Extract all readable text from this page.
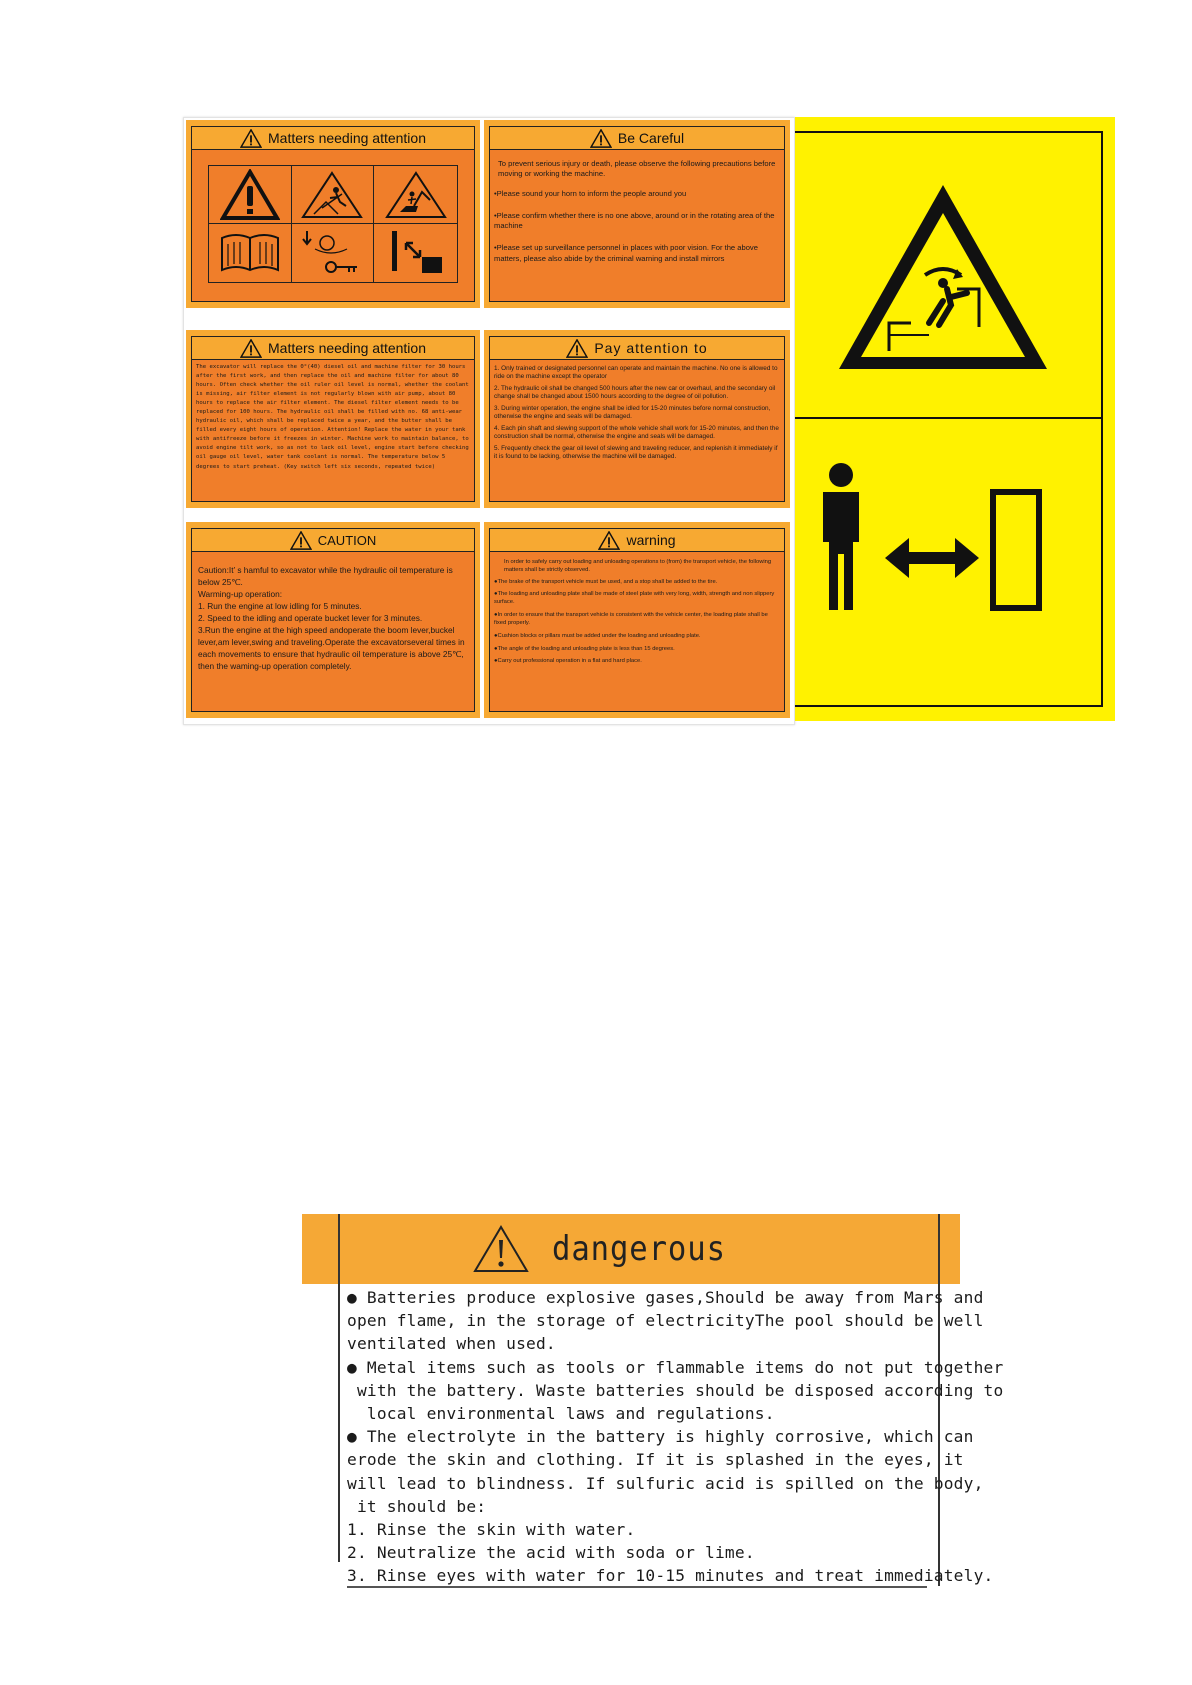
Matters needing attention	Be Careful

To prevent serious injury or death, please observe the following precautions before moving or working the machine.

•Please sound your horn to inform the people around you

•Please confirm whether there is no one above, around or in the rotating area of the machine

•Please set up surveillance personnel in places with poor vision. For the above matters, please also abide by the criminal warning and install mirrors

Matters needing attention
The excavator will replace the 0°(40) diesel oil and machine filter for 30 hours after the first work, and then replace the oil and machine filter for about 80 hours. Often check whether the oil ruler oil level is normal, whether the coolant is missing, air filter element is not regularly blown with air pump, about 80 hours to replace the air filter element. The diesel filter element needs to be replaced for 100 hours. The hydraulic oil shall be filled with no. 68 anti-wear hydraulic oil, which shall be replaced twice a year, and the butter shall be filled every eight hours of operation. Attention! Replace the water in your tank with antifreeze before it freezes in winter. Machine work to maintain balance, to avoid engine tilt work, so as not to lack oil level, engine start before checking oil gauge oil level, water tank coolant is normal. The temperature below 5 degrees to start preheat. (Key switch left six seconds, repeated twice)
Pay attention to

1. Only trained or designated personnel can operate and maintain the machine. No one is allowed to ride on the machine except the operator

2. The hydraulic oil shall be changed 500 hours after the new car or overhaul, and the secondary oil change shall be changed about 1500 hours according to the degree of oil pollution.

3. During winter operation, the engine shall be idled for 15-20 minutes before normal construction, otherwise the engine and seals will be damaged.

4. Each pin shaft and slewing support of the whole vehicle shall work for 15-20 minutes, and then the construction shall be normal, otherwise the engine and seals will be damaged.

5. Frequently check the gear oil level of slewing and traveling reducer, and replenish it immediately if it is found to be lacking, otherwise the machine will be damaged.

CAUTION
Caution:It’ s hamful to excavator while the hydraulic oil temperature is below 25℃.
Warming-up operation:
1. Run the engine at low idling for 5 minutes.
2. Speed to the idling and operate bucket lever for 3 minutes.
3.Run the engine at the high speed andoperate the boom lever,buckel lever,am lever,swing and traveling.Operate the excavatorseveral times in each movements to ensure that hydraulic oil temperature is above 25℃, then the waming-up operation completely.
warning

In order to safely carry out loading and unloading operations to (from) the transport vehicle, the following matters shall be strictly observed.

●The brake of the transport vehicle must be used, and a stop shall be added to the tire.

●The loading and unloading plate shall be made of steel plate with very long, width, strength and non slippery surface.

●In order to ensure that the transport vehicle is consistent with the vehicle center, the loading plate shall be fixed properly.

●Cushion blocks or pillars must be added under the loading and unloading plate.

●The angle of the loading and unloading plate is less than 15 degrees.

●Carry out professional operation in a flat and hard place.

dangerous
● Batteries produce explosive gases,Should be away from Mars and
open flame, in the storage of electricityThe pool should be well
ventilated when used.
● Metal items such as tools or flammable items do not put together
with the battery. Waste batteries should be disposed according to
local environmental laws and regulations.
● The electrolyte in the battery is highly corrosive, which can
erode the skin and clothing. If it is splashed in the eyes, it
will lead to blindness. If sulfuric acid is spilled on the body,
it should be:
1. Rinse the skin with water.
2. Neutralize the acid with soda or lime.
3. Rinse eyes with water for 10-15 minutes and treat immediately.
